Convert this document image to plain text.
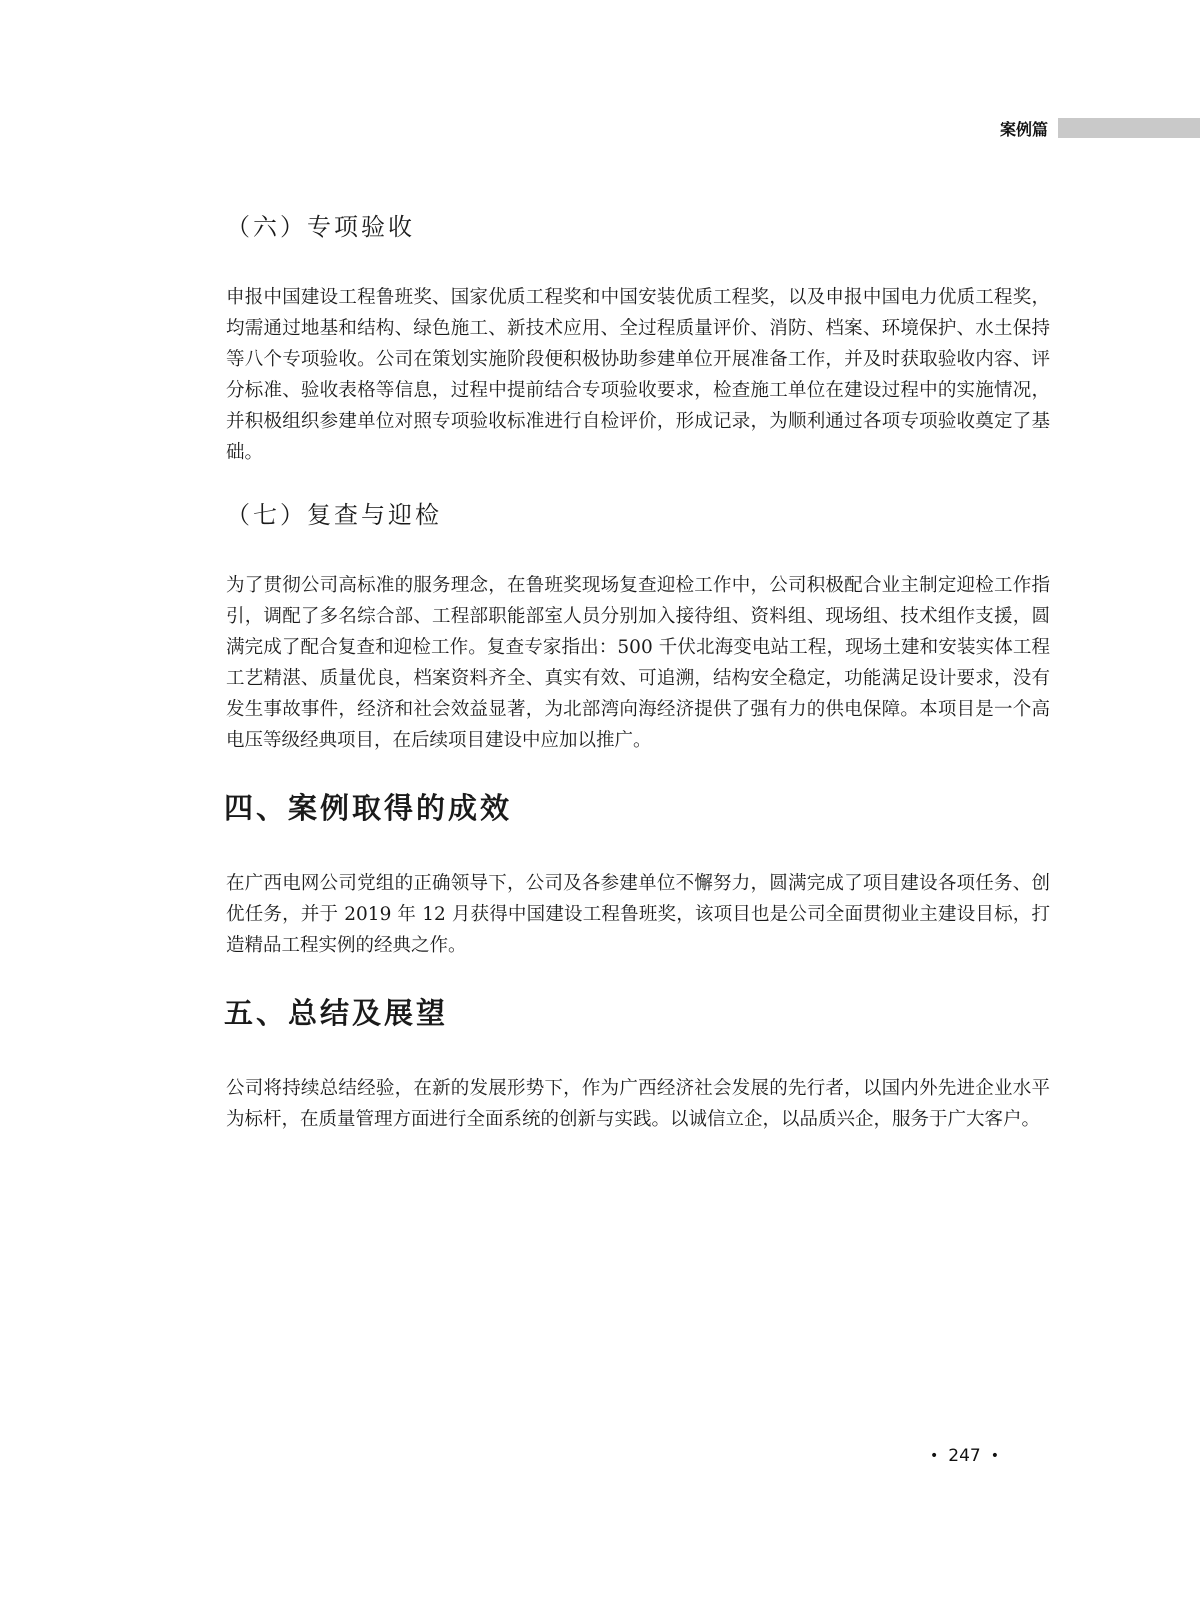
案例篇
（六）专项验收

申报中国建设工程鲁班奖、国家优质工程奖和中国安装优质工程奖，以及申报中国电力优质工程奖，均需通过地基和结构、绿色施工、新技术应用、全过程质量评价、消防、档案、环境保护、水土保持等八个专项验收。公司在策划实施阶段便积极协助参建单位开展准备工作，并及时获取验收内容、评分标准、验收表格等信息，过程中提前结合专项验收要求，检查施工单位在建设过程中的实施情况，并积极组织参建单位对照专项验收标准进行自检评价，形成记录，为顺利通过各项专项验收奠定了基础。

（七）复查与迎检

为了贯彻公司高标准的服务理念，在鲁班奖现场复查迎检工作中，公司积极配合业主制定迎检工作指引，调配了多名综合部、工程部职能部室人员分别加入接待组、资料组、现场组、技术组作支援，圆满完成了配合复查和迎检工作。复查专家指出：500 千伏北海变电站工程，现场土建和安装实体工程工艺精湛、质量优良，档案资料齐全、真实有效、可追溯，结构安全稳定，功能满足设计要求，没有发生事故事件，经济和社会效益显著，为北部湾向海经济提供了强有力的供电保障。本项目是一个高电压等级经典项目，在后续项目建设中应加以推广。

四、案例取得的成效

在广西电网公司党组的正确领导下，公司及各参建单位不懈努力，圆满完成了项目建设各项任务、创优任务，并于 2019 年 12 月获得中国建设工程鲁班奖，该项目也是公司全面贯彻业主建设目标，打造精品工程实例的经典之作。

五、总结及展望

公司将持续总结经验，在新的发展形势下，作为广西经济社会发展的先行者，以国内外先进企业水平为标杆，在质量管理方面进行全面系统的创新与实践。以诚信立企，以品质兴企，服务于广大客户。

• 247 •
